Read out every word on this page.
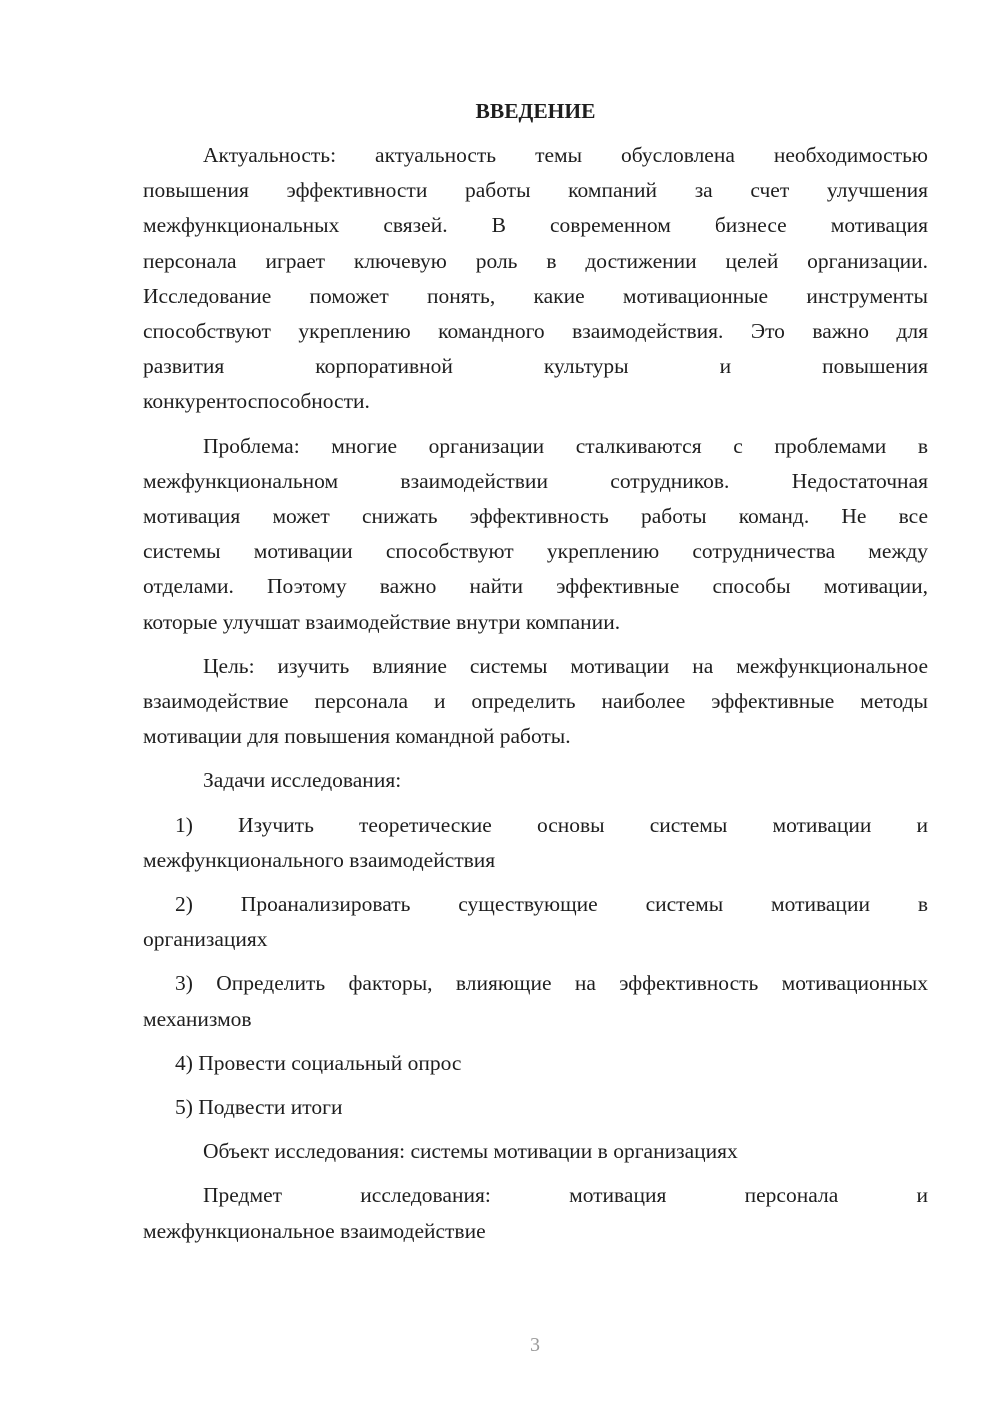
ВВЕДЕНИЕ
Актуальность: актуальность темы обусловлена необходимостью
повышения эффективности работы компаний за счет улучшения
межфункциональных связей. В современном бизнесе мотивация
персонала играет ключевую роль в достижении целей организации.
Исследование поможет понять, какие мотивационные инструменты
способствуют укреплению командного взаимодействия. Это важно для
развития корпоративной культуры и повышения
конкурентоспособности.
Проблема: многие организации сталкиваются с проблемами в
межфункциональном взаимодействии сотрудников. Недостаточная
мотивация может снижать эффективность работы команд. Не все
системы мотивации способствуют укреплению сотрудничества между
отделами. Поэтому важно найти эффективные способы мотивации,
которые улучшат взаимодействие внутри компании.
Цель: изучить влияние системы мотивации на межфункциональное
взаимодействие персонала и определить наиболее эффективные методы
мотивации для повышения командной работы.
Задачи исследования:
1) Изучить теоретические основы системы мотивации и
межфункционального взаимодействия
2) Проанализировать существующие системы мотивации в
организациях
3) Определить факторы, влияющие на эффективность мотивационных
механизмов
4) Провести социальный опрос
5) Подвести итоги
Объект исследования: системы мотивации в организациях
Предмет исследования: мотивация персонала и
межфункциональное взаимодействие
3
